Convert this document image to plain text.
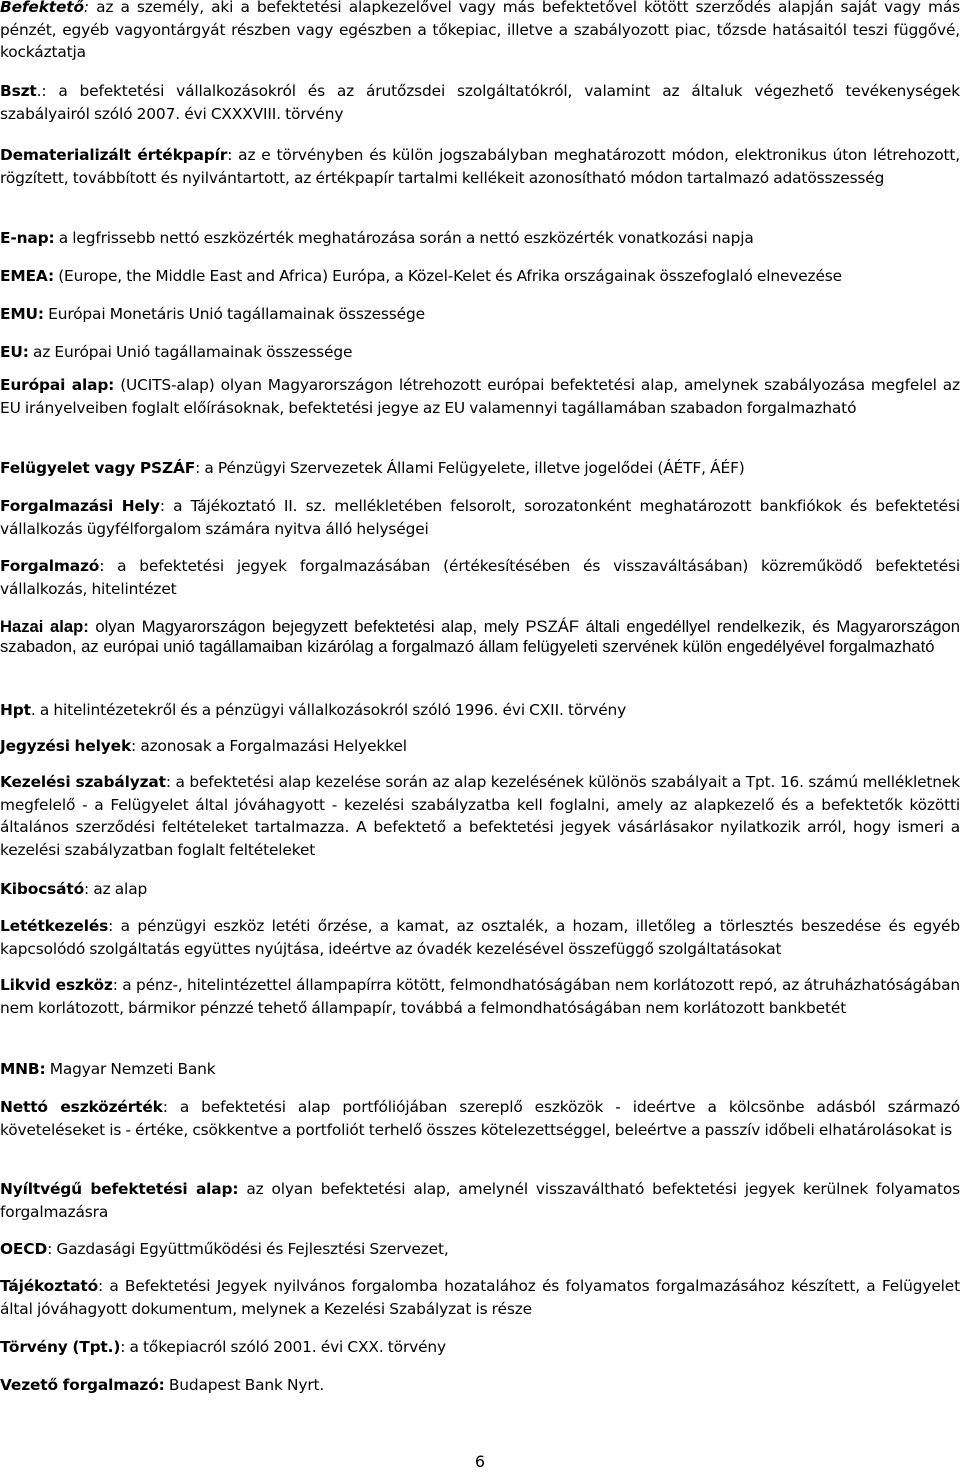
Befektető: az a személy, aki a befektetési alapkezelővel vagy más befektetővel kötött szerződés alapján saját vagy más pénzét, egyéb vagyontárgyát részben vagy egészben a tőkepiac, illetve a szabályozott piac, tőzsde hatásaitól teszi függővé, kockáztatja

Bszt.: a befektetési vállalkozásokról és az árutőzsdei szolgáltatókról, valamint az általuk végezhető tevékenységek szabályairól szóló 2007. évi CXXXVIII. törvény

Dematerializált értékpapír: az e törvényben és külön jogszabályban meghatározott módon, elektronikus úton létrehozott, rögzített, továbbított és nyilvántartott, az értékpapír tartalmi kellékeit azonosítható módon tartalmazó adatösszesség

E-nap: a legfrissebb nettó eszközérték meghatározása során a nettó eszközérték vonatkozási napja

EMEA: (Europe, the Middle East and Africa) Európa, a Közel-Kelet és Afrika országainak összefoglaló elnevezése

EMU: Európai Monetáris Unió tagállamainak összessége

EU: az Európai Unió tagállamainak összessége

Európai alap: (UCITS-alap) olyan Magyarországon létrehozott európai befektetési alap, amelynek szabályozása megfelel az EU irányelveiben foglalt előírásoknak, befektetési jegye az EU valamennyi tagállamában szabadon forgalmazható

Felügyelet vagy PSZÁF: a Pénzügyi Szervezetek Állami Felügyelete, illetve jogelődei (ÁÉTF, ÁÉF)

Forgalmazási Hely: a Tájékoztató II. sz. mellékletében felsorolt, sorozatonként meghatározott bankfiókok és befektetési vállalkozás ügyfélforgalom számára nyitva álló helységei

Forgalmazó: a befektetési jegyek forgalmazásában (értékesítésében és visszaváltásában) közreműködő befektetési vállalkozás, hitelintézet

Hazai alap: olyan Magyarországon bejegyzett befektetési alap, mely PSZÁF általi engedéllyel rendelkezik, és Magyarországon szabadon, az európai unió tagállamaiban kizárólag a forgalmazó állam felügyeleti szervének külön engedélyével forgalmazható

Hpt. a hitelintézetekről és a pénzügyi vállalkozásokról szóló 1996. évi CXII. törvény

Jegyzési helyek: azonosak a Forgalmazási Helyekkel

Kezelési szabályzat: a befektetési alap kezelése során az alap kezelésének különös szabályait a Tpt. 16. számú mellékletnek megfelelő - a Felügyelet által jóváhagyott - kezelési szabályzatba kell foglalni, amely az alapkezelő és a befektetők közötti általános szerződési feltételeket tartalmazza. A befektető a befektetési jegyek vásárlásakor nyilatkozik arról, hogy ismeri a kezelési szabályzatban foglalt feltételeket

Kibocsátó: az alap

Letétkezelés: a pénzügyi eszköz letéti őrzése, a kamat, az osztalék, a hozam, illetőleg a törlesztés beszedése és egyéb kapcsolódó szolgáltatás együttes nyújtása, ideértve az óvadék kezelésével összefüggő szolgáltatásokat

Likvid eszköz: a pénz-, hitelintézettel állampapírra kötött, felmondhatóságában nem korlátozott repó, az átruházhatóságában nem korlátozott, bármikor pénzzé tehető állampapír, továbbá a felmondhatóságában nem korlátozott bankbetét

MNB: Magyar Nemzeti Bank

Nettó eszközérték: a befektetési alap portfóliójában szereplő eszközök - ideértve a kölcsönbe adásból származó követeléseket is - értéke, csökkentve a portfoliót terhelő összes kötelezettséggel, beleértve a passzív időbeli elhatárolásokat is

Nyíltvégű befektetési alap: az olyan befektetési alap, amelynél visszaváltható befektetési jegyek kerülnek folyamatos forgalmazásra

OECD: Gazdasági Együttműködési és Fejlesztési Szervezet,

Tájékoztató: a Befektetési Jegyek nyilvános forgalomba hozatalához és folyamatos forgalmazásához készített, a Felügyelet által jóváhagyott dokumentum, melynek a Kezelési Szabályzat is része

Törvény (Tpt.): a tőkepiacról szóló 2001. évi CXX. törvény

Vezető forgalmazó: Budapest Bank Nyrt.

6
